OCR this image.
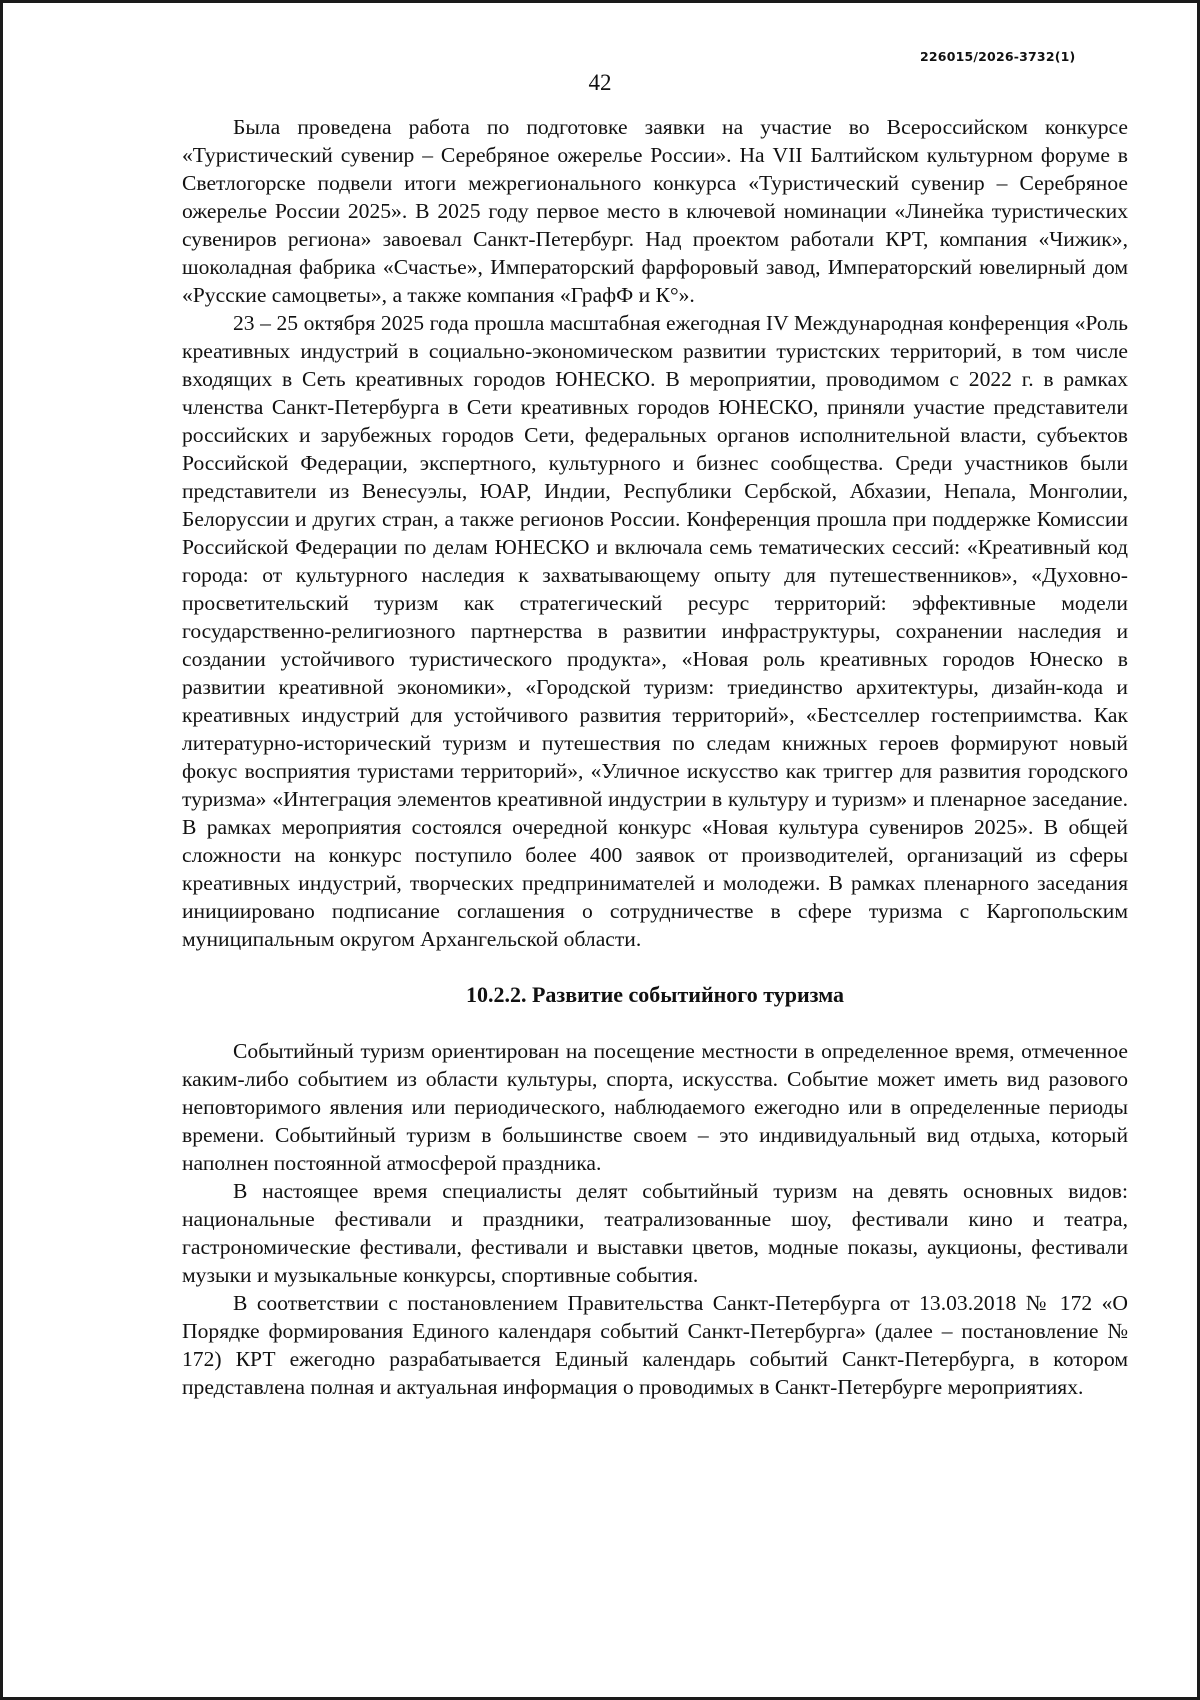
226015/2026-3732(1)
42

Была проведена работа по подготовке заявки на участие во Всероссийском конкурсе «Туристический сувенир – Серебряное ожерелье России». На VII Балтийском культурном форуме в Светлогорске подвели итоги межрегионального конкурса «Туристический сувенир – Серебряное ожерелье России 2025». В 2025 году первое место в ключевой номинации «Линейка туристических сувениров региона» завоевал Санкт-Петербург. Над проектом работали КРТ, компания «Чижик», шоколадная фабрика «Счастье», Императорский фарфоровый завод, Императорский ювелирный дом «Русские самоцветы», а также компания «ГрафФ и К°».

23 – 25 октября 2025 года прошла масштабная ежегодная IV Международная конференция «Роль креативных индустрий в социально-экономическом развитии туристских территорий, в том числе входящих в Сеть креативных городов ЮНЕСКО. В мероприятии, проводимом с 2022 г. в рамках членства Санкт-Петербурга в Сети креативных городов ЮНЕСКО, приняли участие представители российских и зарубежных городов Сети, федеральных органов исполнительной власти, субъектов Российской Федерации, экспертного, культурного и бизнес сообщества. Среди участников были представители из Венесуэлы, ЮАР, Индии, Республики Сербской, Абхазии, Непала, Монголии, Белоруссии и других стран, а также регионов России. Конференция прошла при поддержке Комиссии Российской Федерации по делам ЮНЕСКО и включала семь тематических сессий: «Креативный код города: от культурного наследия к захватывающему опыту для путешественников», «Духовно-просветительский туризм как стратегический ресурс территорий: эффективные модели государственно-религиозного партнерства в развитии инфраструктуры, сохранении наследия и создании устойчивого туристического продукта», «Новая роль креативных городов Юнеско в развитии креативной экономики», «Городской туризм: триединство архитектуры, дизайн-кода и креативных индустрий для устойчивого развития территорий», «Бестселлер гостеприимства. Как литературно-исторический туризм и путешествия по следам книжных героев формируют новый фокус восприятия туристами территорий», «Уличное искусство как триггер для развития городского туризма» «Интеграция элементов креативной индустрии в культуру и туризм» и пленарное заседание. В рамках мероприятия состоялся очередной конкурс «Новая культура сувениров 2025». В общей сложности на конкурс поступило более 400 заявок от производителей, организаций из сферы креативных индустрий, творческих предпринимателей и молодежи. В рамках пленарного заседания инициировано подписание соглашения о сотрудничестве в сфере туризма с Каргопольским муниципальным округом Архангельской области.

10.2.2. Развитие событийного туризма

Событийный туризм ориентирован на посещение местности в определенное время, отмеченное каким-либо событием из области культуры, спорта, искусства. Событие может иметь вид разового неповторимого явления или периодического, наблюдаемого ежегодно или в определенные периоды времени. Событийный туризм в большинстве своем – это индивидуальный вид отдыха, который наполнен постоянной атмосферой праздника.

В настоящее время специалисты делят событийный туризм на девять основных видов: национальные фестивали и праздники, театрализованные шоу, фестивали кино и театра, гастрономические фестивали, фестивали и выставки цветов, модные показы, аукционы, фестивали музыки и музыкальные конкурсы, спортивные события.

В соответствии с постановлением Правительства Санкт-Петербурга от 13.03.2018 № 172 «О Порядке формирования Единого календаря событий Санкт-Петербурга» (далее – постановление № 172) КРТ ежегодно разрабатывается Единый календарь событий Санкт-Петербурга, в котором представлена полная и актуальная информация о проводимых в Санкт-Петербурге мероприятиях.
